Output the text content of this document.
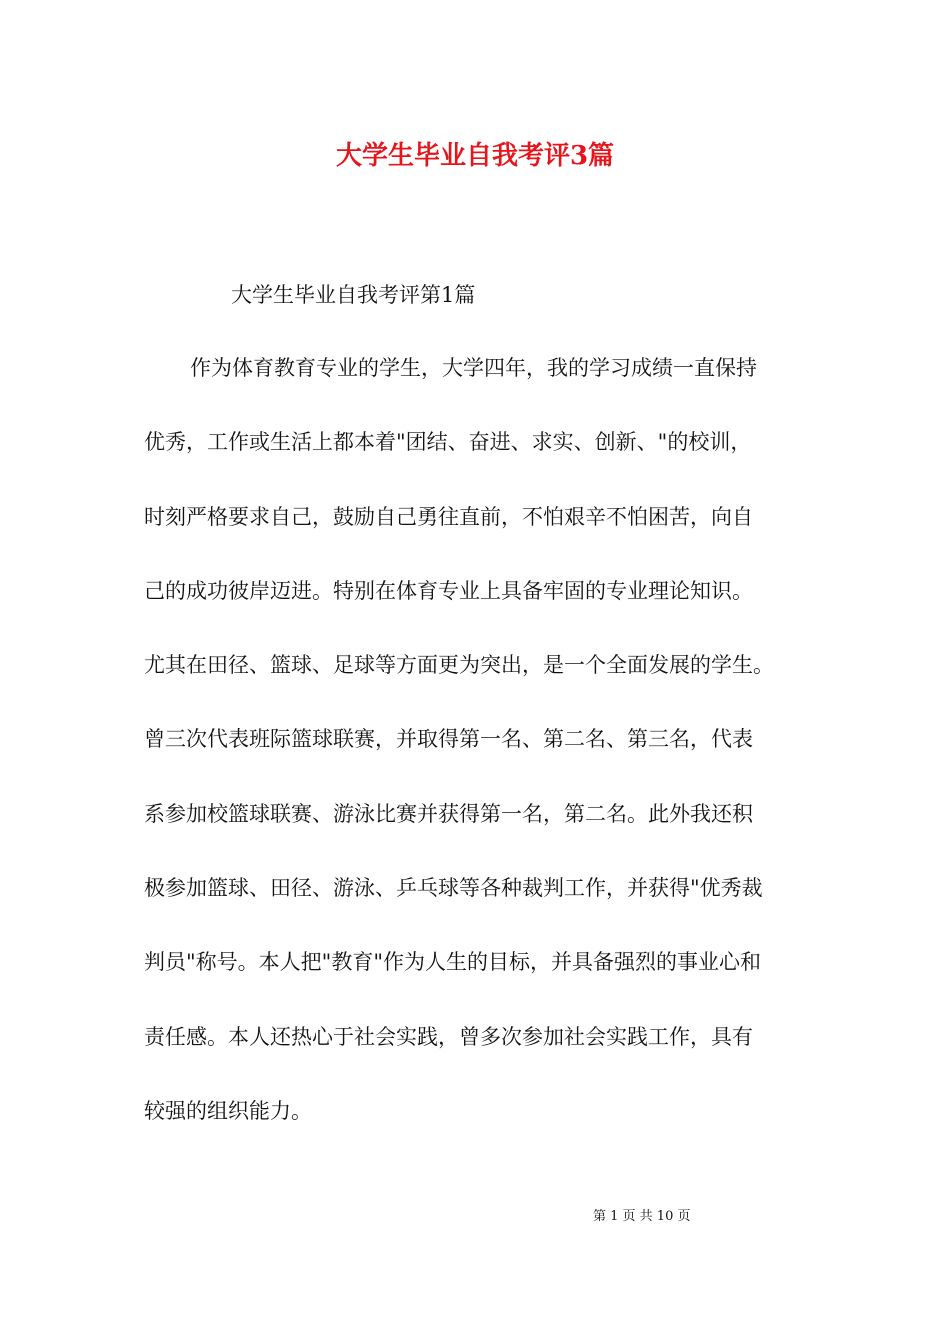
大学生毕业自我考评3篇

大学生毕业自我考评第1篇

作为体育教育专业的学生，大学四年，我的学习成绩一直保持
优秀，工作或生活上都本着"团结、奋进、求实、创新、"的校训，
时刻严格要求自己，鼓励自己勇往直前，不怕艰辛不怕困苦，向自
己的成功彼岸迈进。特别在体育专业上具备牢固的专业理论知识。
尤其在田径、篮球、足球等方面更为突出，是一个全面发展的学生。
曾三次代表班际篮球联赛，并取得第一名、第二名、第三名，代表
系参加校篮球联赛、游泳比赛并获得第一名，第二名。此外我还积
极参加篮球、田径、游泳、乒乓球等各种裁判工作，并获得"优秀裁
判员"称号。本人把"教育"作为人生的目标，并具备强烈的事业心和
责任感。本人还热心于社会实践，曾多次参加社会实践工作，具有
较强的组织能力。

第 1 页 共 10 页
